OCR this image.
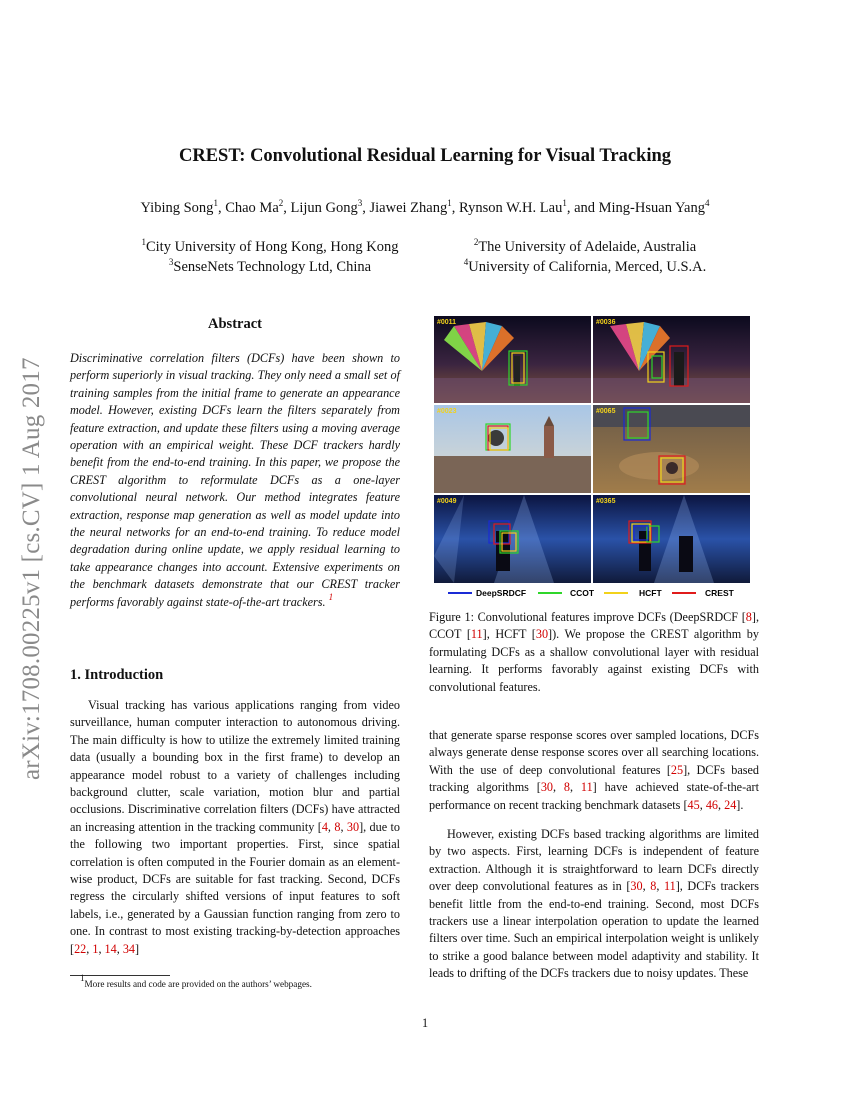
arXiv:1708.00225v1 [cs.CV] 1 Aug 2017
CREST: Convolutional Residual Learning for Visual Tracking
Yibing Song$^1$, Chao Ma$^2$, Lijun Gong$^3$, Jiawei Zhang$^1$, Rynson W.H. Lau$^1$, and Ming-Hsuan Yang$^4$
$^1$City University of Hong Kong, Hong Kong
$^3$SenseNets Technology Ltd, China
$^2$The University of Adelaide, Australia
$^4$University of California, Merced, U.S.A.
Abstract
Discriminative correlation filters (DCFs) have been shown to perform superiorly in visual tracking. They only need a small set of training samples from the initial frame to generate an appearance model. However, existing DCFs learn the filters separately from feature extraction, and update these filters using a moving average operation with an empirical weight. These DCF trackers hardly benefit from the end-to-end training. In this paper, we propose the CREST algorithm to reformulate DCFs as a one-layer convolutional neural network. Our method integrates feature extraction, response map generation as well as model update into the neural networks for an end-to-end training. To reduce model degradation during online update, we apply residual learning to take appearance changes into account. Extensive experiments on the benchmark datasets demonstrate that our CREST tracker performs favorably against state-of-the-art trackers. $^1$
1. Introduction
Visual tracking has various applications ranging from video surveillance, human computer interaction to autonomous driving. The main difficulty is how to utilize the extremely limited training data (usually a bounding box in the first frame) to develop an appearance model robust to a variety of challenges including background clutter, scale variation, motion blur and partial occlusions. Discriminative correlation filters (DCFs) have attracted an increasing attention in the tracking community [4, 8, 30], due to the following two important properties. First, since spatial correlation is often computed in the Fourier domain as an element-wise product, DCFs are suitable for fast tracking. Second, DCFs regress the circularly shifted versions of input features to soft labels, i.e., generated by a Gaussian function ranging from zero to one. In contrast to most existing tracking-by-detection approaches [22, 1, 14, 34]
$^1$More results and code are provided on the authors’ webpages.
#0011	#0036
#0023	#0065
#0049	#0365
DeepSRDCF	CCOT	HCFT	CREST
Figure 1: Convolutional features improve DCFs (DeepSRDCF [8], CCOT [11], HCFT [30]). We propose the CREST algorithm by formulating DCFs as a shallow convolutional layer with residual learning. It performs favorably against existing DCFs with convolutional features.
that generate sparse response scores over sampled locations, DCFs always generate dense response scores over all searching locations. With the use of deep convolutional features [25], DCFs based tracking algorithms [30, 8, 11] have achieved state-of-the-art performance on recent tracking benchmark datasets [45, 46, 24].
However, existing DCFs based tracking algorithms are limited by two aspects. First, learning DCFs is independent of feature extraction. Although it is straightforward to learn DCFs directly over deep convolutional features as in [30, 8, 11], DCFs trackers benefit little from the end-to-end training. Second, most DCFs trackers use a linear interpolation operation to update the learned filters over time. Such an empirical interpolation weight is unlikely to strike a good balance between model adaptivity and stability. It leads to drifting of the DCFs trackers due to noisy updates. These
1
